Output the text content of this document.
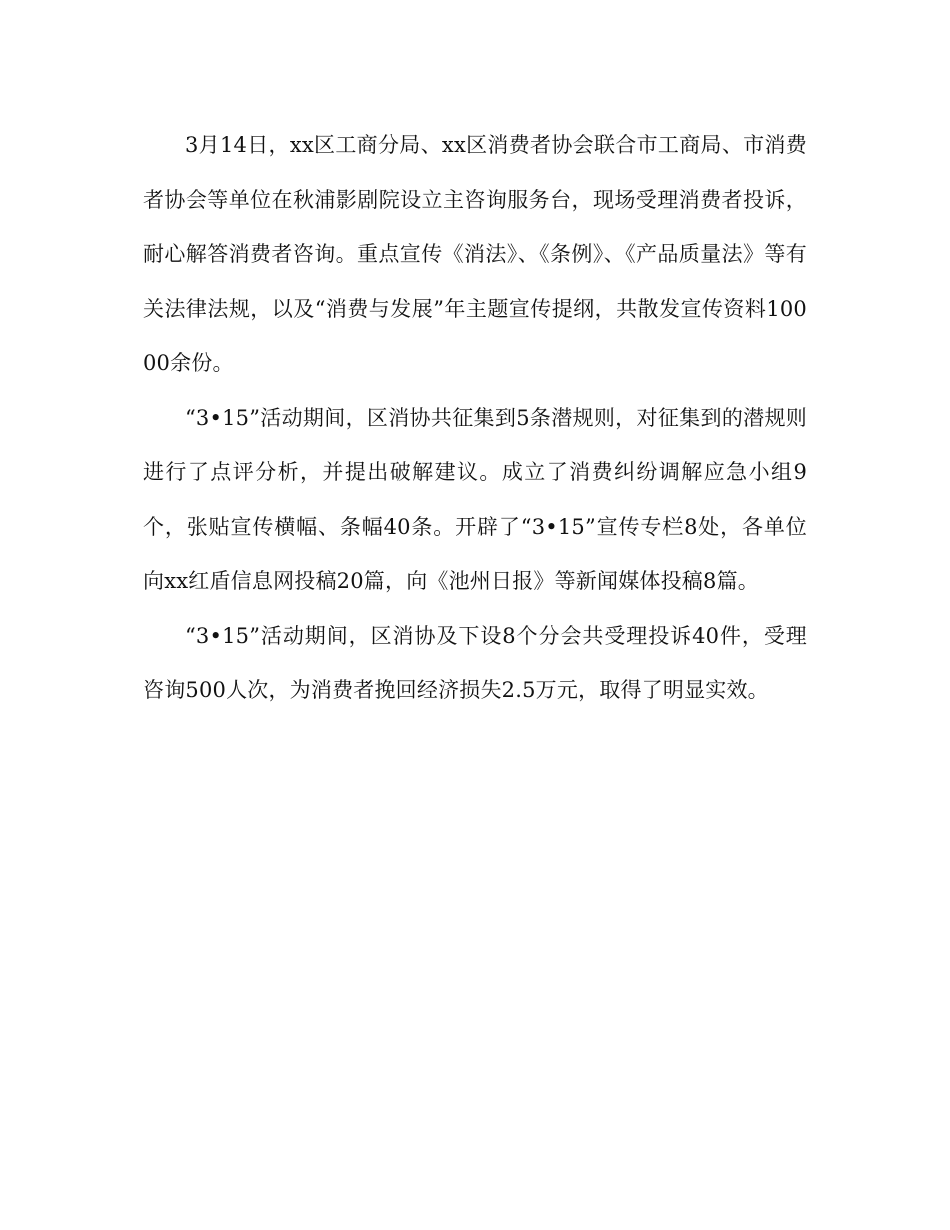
3月14日，xx区工商分局、xx区消费者协会联合市工商局、市消费者协会等单位在秋浦影剧院设立主咨询服务台，现场受理消费者投诉，耐心解答消费者咨询。重点宣传《消法》、《条例》、《产品质量法》等有关法律法规，以及“消费与发展”年主题宣传提纲，共散发宣传资料10000余份。

“3•15”活动期间，区消协共征集到5条潜规则，对征集到的潜规则进行了点评分析，并提出破解建议。成立了消费纠纷调解应急小组9个，张贴宣传横幅、条幅40条。开辟了“3•15”宣传专栏8处，各单位向xx红盾信息网投稿20篇，向《池州日报》等新闻媒体投稿8篇。

“3•15”活动期间，区消协及下设8个分会共受理投诉40件，受理咨询500人次，为消费者挽回经济损失2.5万元，取得了明显实效。
